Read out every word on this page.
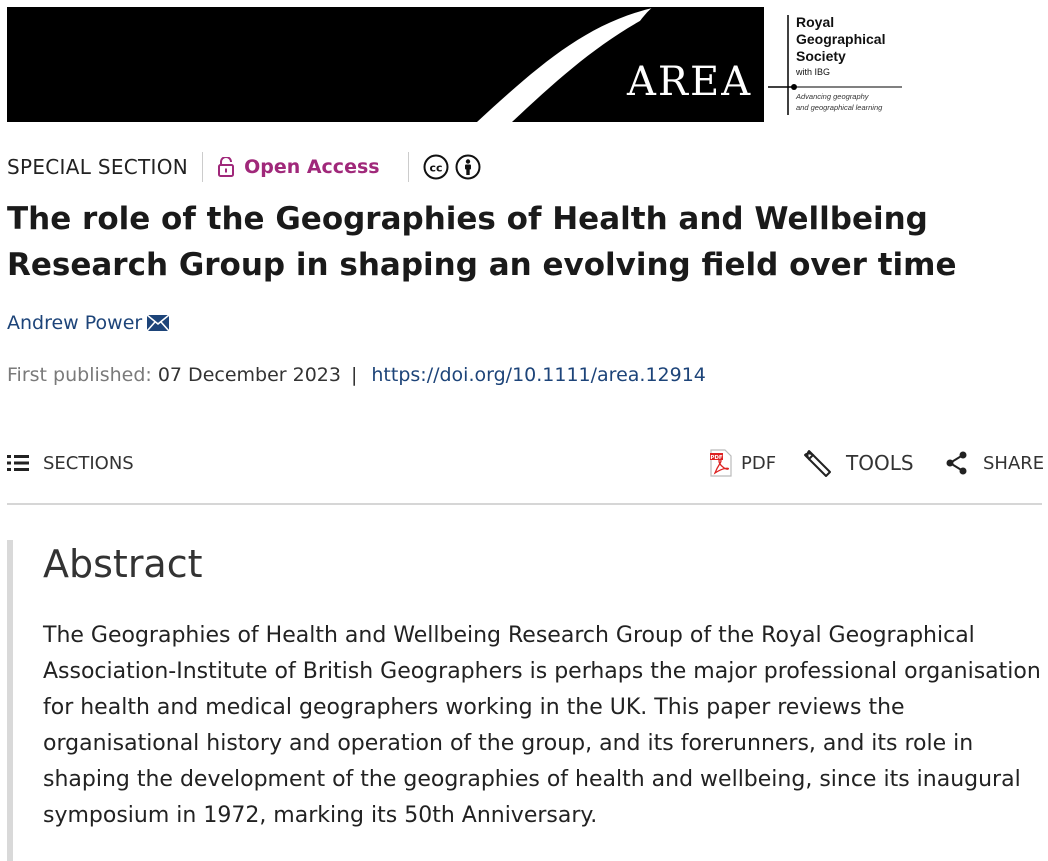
AREA
Royal
Geographical
Society
with IBG
Advancing geography
and geographical learning
SPECIAL SECTION	Open Access	cc
The role of the Geographies of Health and Wellbeing Research Group in shaping an evolving field over time
Andrew Power
First published: 07 December 2023 | https://doi.org/10.1111/area.12914
SECTIONS	PDF PDF	TOOLS	SHARE
Abstract

The Geographies of Health and Wellbeing Research Group of the Royal Geographical Association-Institute of British Geographers is perhaps the major professional organisation for health and medical geographers working in the UK. This paper reviews the organisational history and operation of the group, and its forerunners, and its role in shaping the development of the geographies of health and wellbeing, since its inaugural symposium in 1972, marking its 50th Anniversary.
